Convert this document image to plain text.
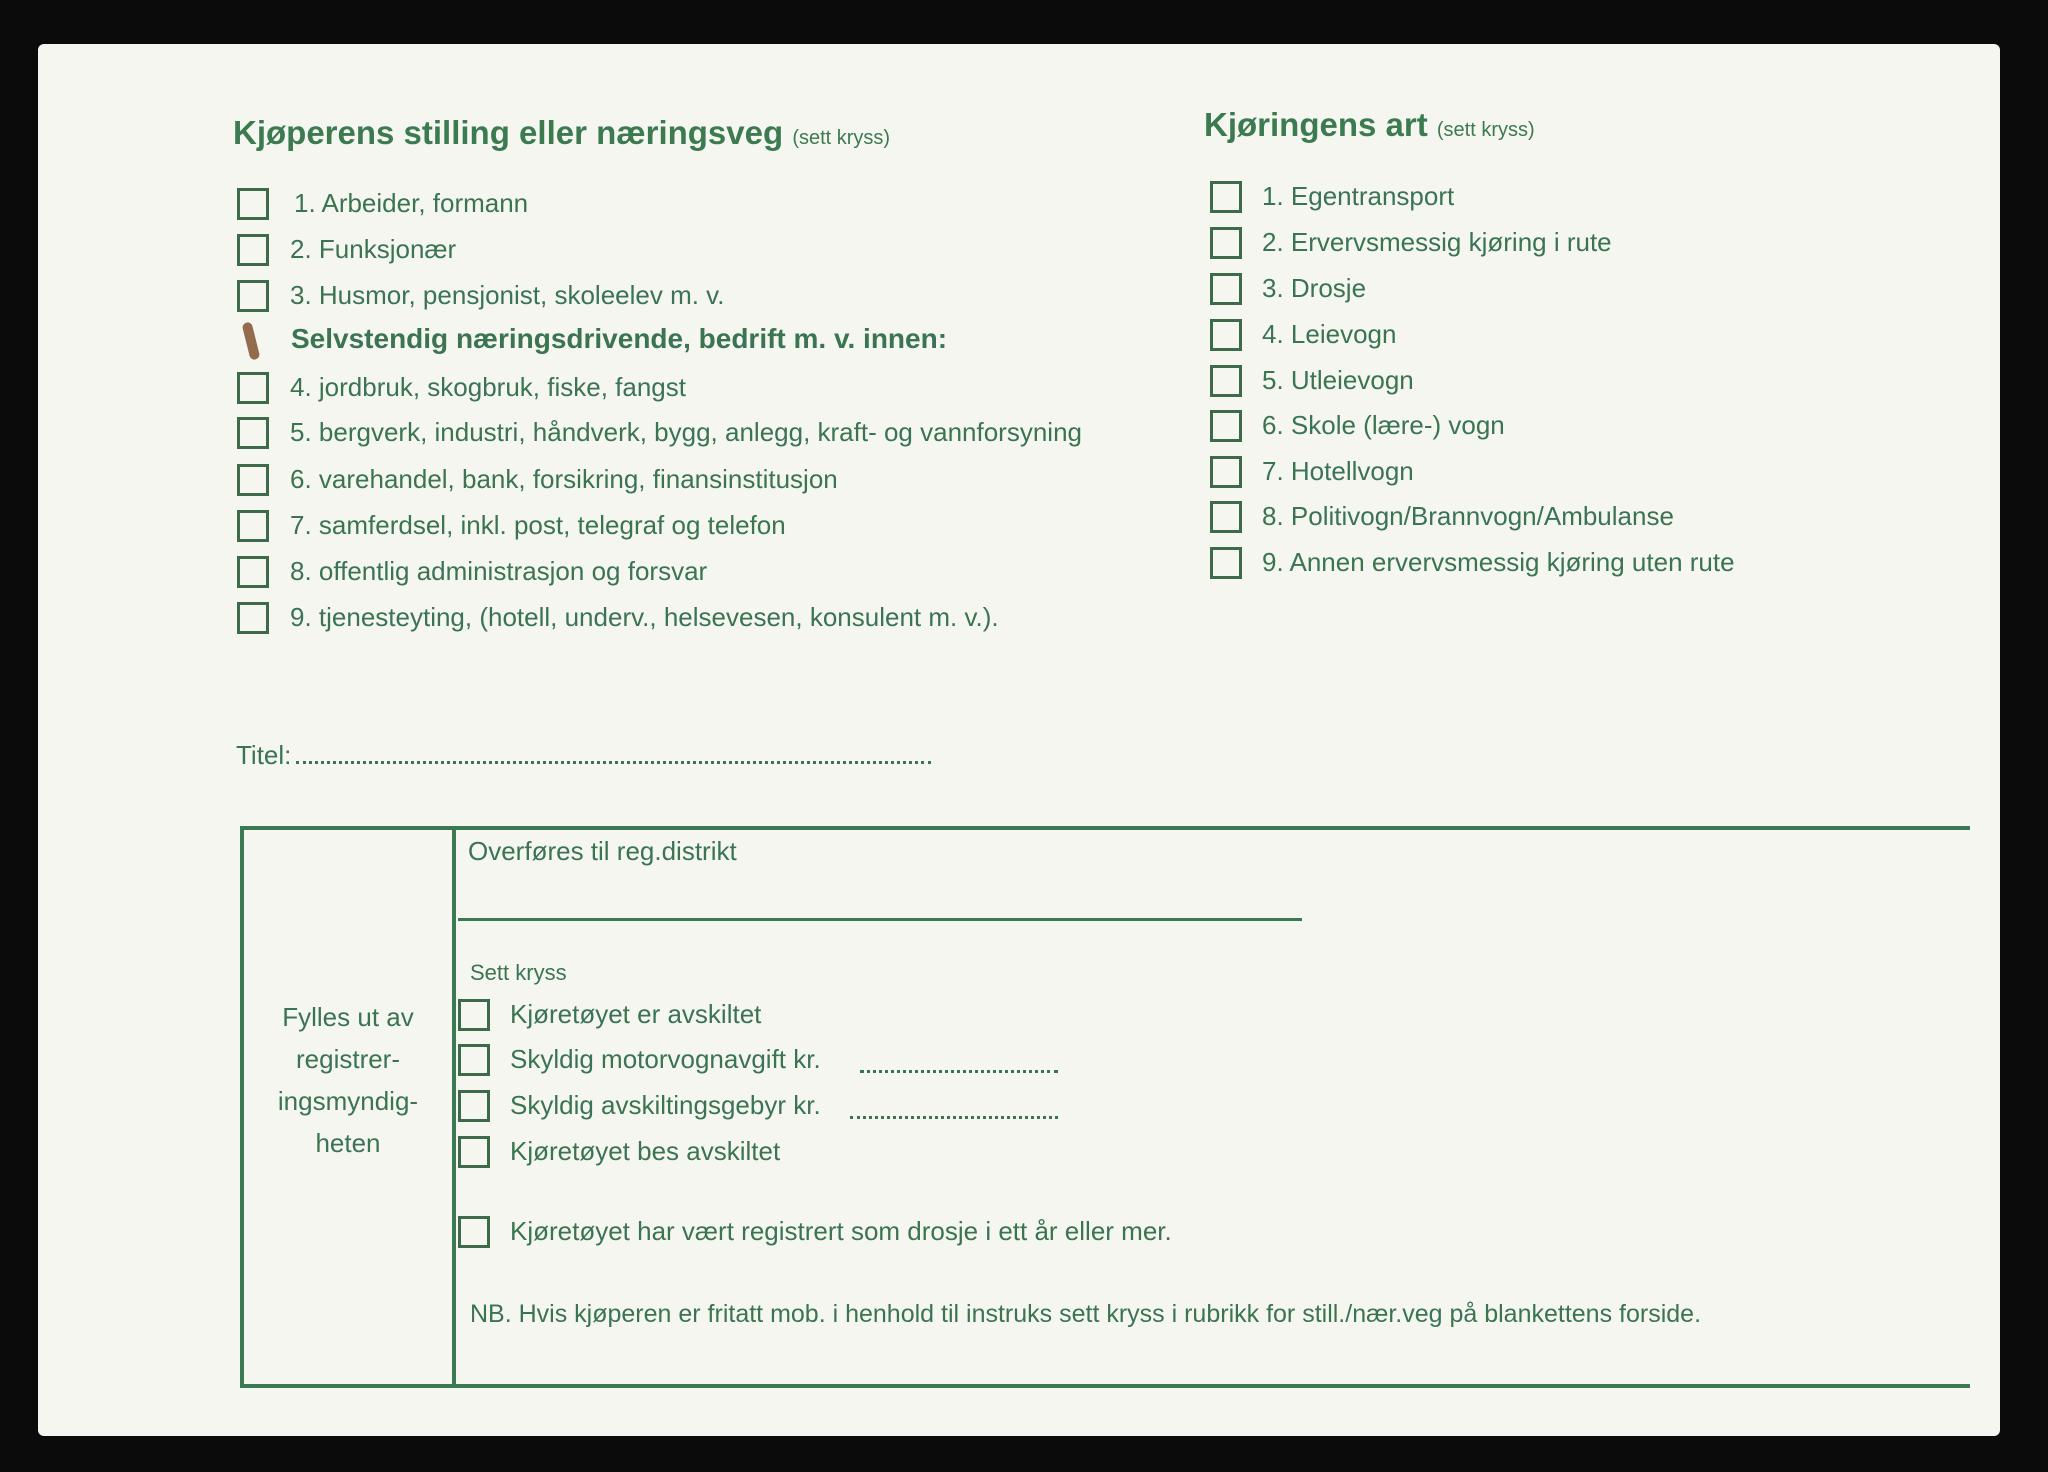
Kjøperens stilling eller næringsveg (sett kryss)
1. Arbeider, formann
2. Funksjonær
3. Husmor, pensjonist, skoleelev m. v.
Selvstendig næringsdrivende, bedrift m. v. innen:
4. jordbruk, skogbruk, fiske, fangst
5. bergverk, industri, håndverk, bygg, anlegg, kraft- og vannforsyning
6. varehandel, bank, forsikring, finansinstitusjon
7. samferdsel, inkl. post, telegraf og telefon
8. offentlig administrasjon og forsvar
9. tjenesteyting, (hotell, underv., helsevesen, konsulent m. v.).
Kjøringens art (sett kryss)
1. Egentransport
2. Ervervsmessig kjøring i rute
3. Drosje
4. Leievogn
5. Utleievogn
6. Skole (lære-) vogn
7. Hotellvogn
8. Politivogn/Brannvogn/Ambulanse
9. Annen ervervsmessig kjøring uten rute
Titel:
Fylles ut av registrer-ingsmyndig-heten
Overføres til reg.distrikt
Sett kryss
Kjøretøyet er avskiltet
Skyldig motorvognavgift kr.
Skyldig avskiltingsgebyr kr.
Kjøretøyet bes avskiltet
Kjøretøyet har vært registrert som drosje i ett år eller mer.
NB. Hvis kjøperen er fritatt mob. i henhold til instruks sett kryss i rubrikk for still./nær.veg på blankettens forside.
